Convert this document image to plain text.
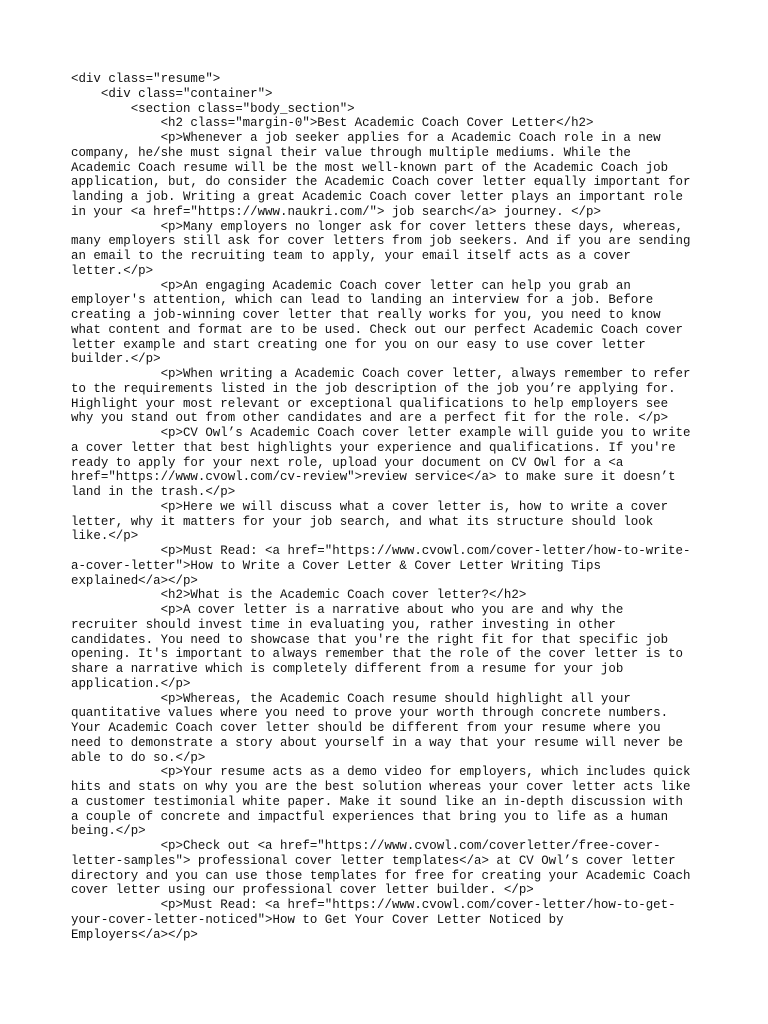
<div class="resume">
<div class="container">
<section class="body_section">
<h2 class="margin-0">Best Academic Coach Cover Letter</h2>
<p>Whenever a job seeker applies for a Academic Coach role in a new
company, he/she must signal their value through multiple mediums. While the
Academic Coach resume will be the most well-known part of the Academic Coach job
application, but, do consider the Academic Coach cover letter equally important for
landing a job. Writing a great Academic Coach cover letter plays an important role
in your <a href="https://www.naukri.com/"> job search</a> journey. </p>
<p>Many employers no longer ask for cover letters these days, whereas,
many employers still ask for cover letters from job seekers. And if you are sending
an email to the recruiting team to apply, your email itself acts as a cover
letter.</p>
<p>An engaging Academic Coach cover letter can help you grab an
employer's attention, which can lead to landing an interview for a job. Before
creating a job-winning cover letter that really works for you, you need to know
what content and format are to be used. Check out our perfect Academic Coach cover
letter example and start creating one for you on our easy to use cover letter
builder.</p>
<p>When writing a Academic Coach cover letter, always remember to refer
to the requirements listed in the job description of the job you’re applying for.
Highlight your most relevant or exceptional qualifications to help employers see
why you stand out from other candidates and are a perfect fit for the role. </p>
<p>CV Owl’s Academic Coach cover letter example will guide you to write
a cover letter that best highlights your experience and qualifications. If you're
ready to apply for your next role, upload your document on CV Owl for a <a
href="https://www.cvowl.com/cv-review">review service</a> to make sure it doesn’t
land in the trash.</p>
<p>Here we will discuss what a cover letter is, how to write a cover
letter, why it matters for your job search, and what its structure should look
like.</p>
<p>Must Read: <a href="https://www.cvowl.com/cover-letter/how-to-write-
a-cover-letter">How to Write a Cover Letter & Cover Letter Writing Tips
explained</a></p>
<h2>What is the Academic Coach cover letter?</h2>
<p>A cover letter is a narrative about who you are and why the
recruiter should invest time in evaluating you, rather investing in other
candidates. You need to showcase that you're the right fit for that specific job
opening. It's important to always remember that the role of the cover letter is to
share a narrative which is completely different from a resume for your job
application.</p>
<p>Whereas, the Academic Coach resume should highlight all your
quantitative values where you need to prove your worth through concrete numbers.
Your Academic Coach cover letter should be different from your resume where you
need to demonstrate a story about yourself in a way that your resume will never be
able to do so.</p>
<p>Your resume acts as a demo video for employers, which includes quick
hits and stats on why you are the best solution whereas your cover letter acts like
a customer testimonial white paper. Make it sound like an in-depth discussion with
a couple of concrete and impactful experiences that bring you to life as a human
being.</p>
<p>Check out <a href="https://www.cvowl.com/coverletter/free-cover-
letter-samples"> professional cover letter templates</a> at CV Owl’s cover letter
directory and you can use those templates for free for creating your Academic Coach
cover letter using our professional cover letter builder. </p>
<p>Must Read: <a href="https://www.cvowl.com/cover-letter/how-to-get-
your-cover-letter-noticed">How to Get Your Cover Letter Noticed by
Employers</a></p>
